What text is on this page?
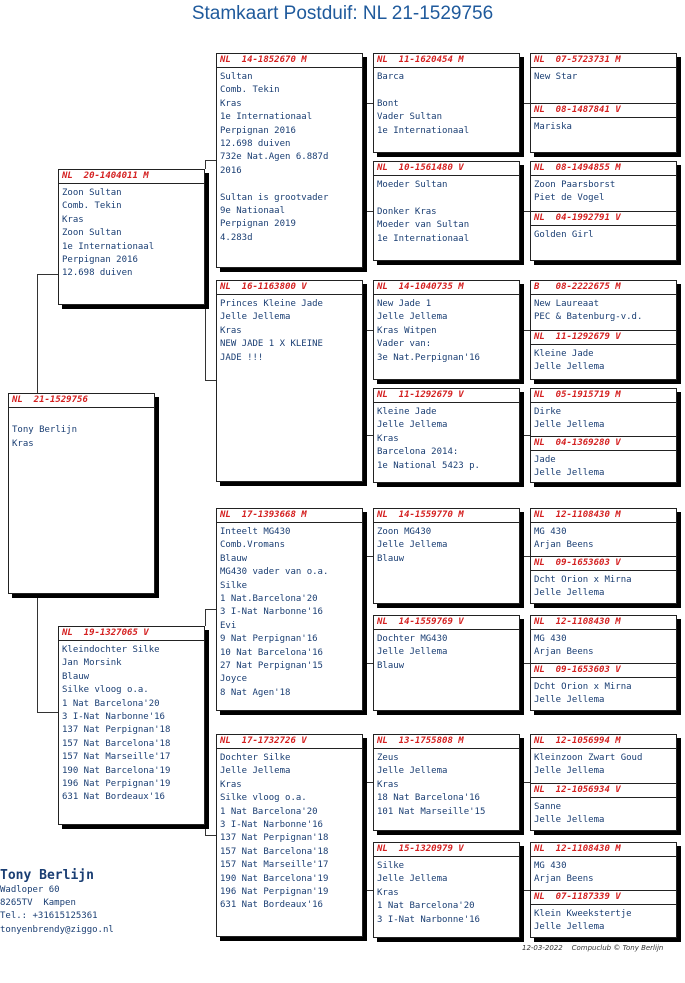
Stamkaart Postduif: NL 21-1529756
NL  21-1529756
Tony Berlijn
Kras
NL  20-1404011 M
Zoon Sultan
Comb. Tekin
Kras
Zoon Sultan
1e Internationaal
Perpignan 2016
12.698 duiven
NL  19-1327065 V
Kleindochter Silke
Jan Morsink
Blauw
Silke vloog o.a.
1 Nat Barcelona'20
3 I-Nat Narbonne'16
137 Nat Perpignan'18
157 Nat Barcelona'18
157 Nat Marseille'17
190 Nat Barcelona'19
196 Nat Perpignan'19
631 Nat Bordeaux'16
NL  14-1852670 M
Sultan
Comb. Tekin
Kras
1e Internationaal
Perpignan 2016
12.698 duiven
732e Nat.Agen 6.887d
2016
Sultan is grootvader
9e Nationaal
Perpignan 2019
4.283d
NL  16-1163800 V
Princes Kleine Jade
Jelle Jellema
Kras
NEW JADE 1 X KLEINE
JADE !!!
NL  17-1393668 M
Inteelt MG430
Comb.Vromans
Blauw
MG430 vader van o.a.
Silke
1 Nat.Barcelona'20
3 I-Nat Narbonne'16
Evi
9 Nat Perpignan'16
10 Nat Barcelona'16
27 Nat Perpignan'15
Joyce
8 Nat Agen'18
NL  17-1732726 V
Dochter Silke
Jelle Jellema
Kras
Silke vloog o.a.
1 Nat Barcelona'20
3 I-Nat Narbonne'16
137 Nat Perpignan'18
157 Nat Barcelona'18
157 Nat Marseille'17
190 Nat Barcelona'19
196 Nat Perpignan'19
631 Nat Bordeaux'16
NL  11-1620454 M
Barca
Bont
Vader Sultan
1e Internationaal
NL  10-1561480 V
Moeder Sultan
Donker Kras
Moeder van Sultan
1e Internationaal
NL  14-1040735 M
New Jade 1
Jelle Jellema
Kras Witpen
Vader van:
3e Nat.Perpignan'16
NL  11-1292679 V
Kleine Jade
Jelle Jellema
Kras
Barcelona 2014:
1e National 5423 p.
NL  14-1559770 M
Zoon MG430
Jelle Jellema
Blauw
NL  14-1559769 V
Dochter MG430
Jelle Jellema
Blauw
NL  13-1755808 M
Zeus
Jelle Jellema
Kras
18 Nat Barcelona'16
101 Nat Marseille'15
NL  15-1320979 V
Silke
Jelle Jellema
Kras
1 Nat Barcelona'20
3 I-Nat Narbonne'16
NL  07-5723731 M
New Star
NL  08-1487841 V
Mariska
NL  08-1494855 M
Zoon Paarsborst
Piet de Vogel
NL  04-1992791 V
Golden Girl
B   08-2222675 M
New Laureaat
PEC & Batenburg-v.d.
NL  11-1292679 V
Kleine Jade
Jelle Jellema
NL  05-1915719 M
Dirke
Jelle Jellema
NL  04-1369280 V
Jade
Jelle Jellema
NL  12-1108430 M
MG 430
Arjan Beens
NL  09-1653603 V
Dcht Orion x Mirna
Jelle Jellema
NL  12-1108430 M
MG 430
Arjan Beens
NL  09-1653603 V
Dcht Orion x Mirna
Jelle Jellema
NL  12-1056994 M
Kleinzoon Zwart Goud
Jelle Jellema
NL  12-1056934 V
Sanne
Jelle Jellema
NL  12-1108430 M
MG 430
Arjan Beens
NL  07-1187339 V
Klein Kweekstertje
Jelle Jellema
Tony Berlijn
Wadloper 60
8265TV  Kampen
Tel.: +31615125361
tonyenbrendy@ziggo.nl
12-03-2022    Compuclub © Tony Berlijn
